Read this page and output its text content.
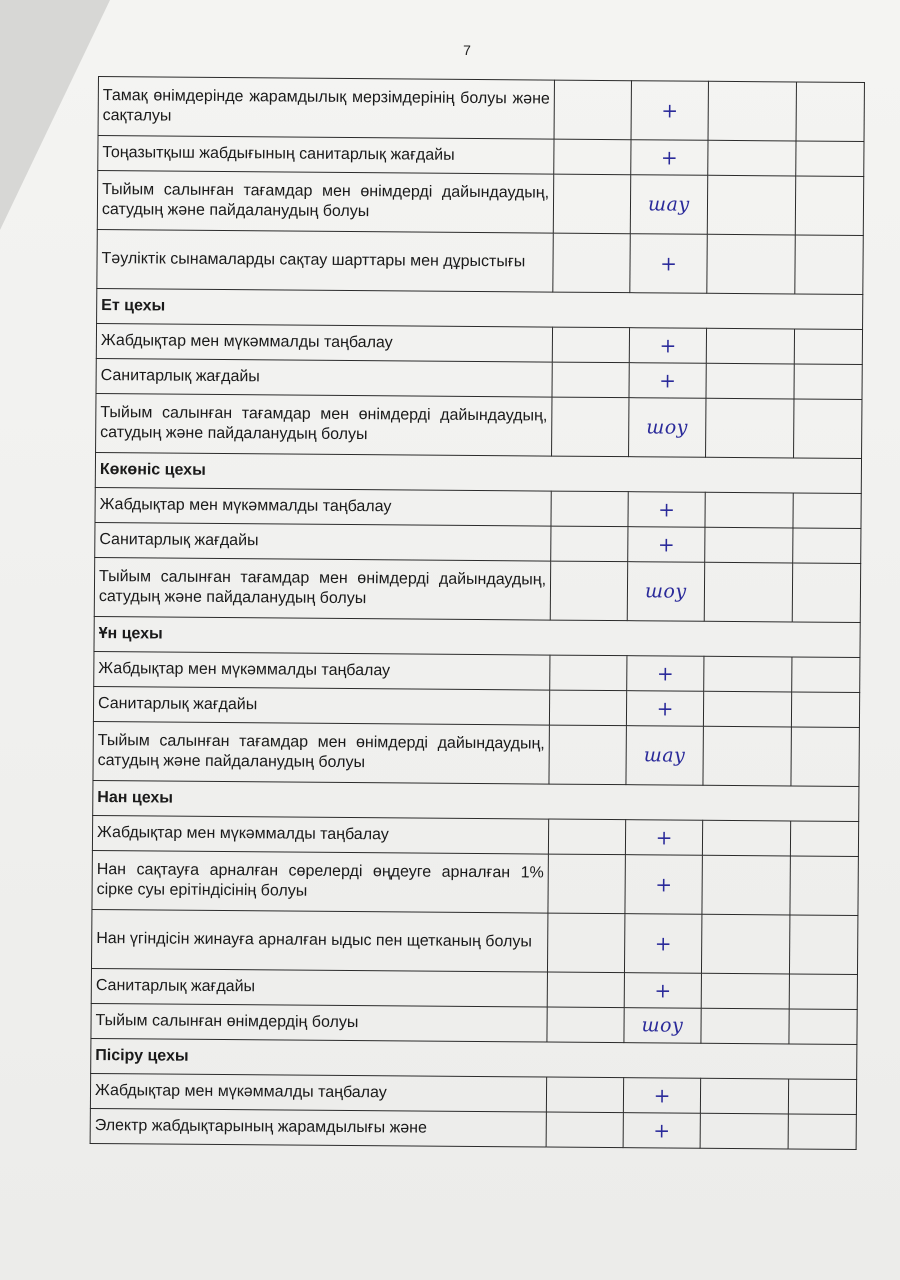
7
Тамақ өнімдерінде жарамдылық мерзімдерінің болуы және сақталуы		+		
Тоңазытқыш жабдығының санитарлық жағдайы		+		
Тыйым салынған тағамдар мен өнімдерді дайындаудың, сатудың және пайдаланудың болуы		шау		
Тәуліктік сынамаларды сақтау шарттары мен дұрыстығы		+		
Ет цехы				
Жабдықтар мен мүкәммалды таңбалау		+		
Санитарлық жағдайы		+		
Тыйым салынған тағамдар мен өнімдерді дайындаудың, сатудың және пайдаланудың болуы		шоу		
Көкөніс цехы				
Жабдықтар мен мүкәммалды таңбалау		+		
Санитарлық жағдайы		+		
Тыйым салынған тағамдар мен өнімдерді дайындаудың, сатудың және пайдаланудың болуы		шоу		
Ұн цехы				
Жабдықтар мен мүкәммалды таңбалау		+		
Санитарлық жағдайы		+		
Тыйым салынған тағамдар мен өнімдерді дайындаудың, сатудың және пайдаланудың болуы		шау		
Нан цехы				
Жабдықтар мен мүкәммалды таңбалау		+		
Нан сақтауға арналған сөрелерді өңдеуге арналған 1% сірке суы ерітіндісінің болуы		+		
Нан үгіндісін жинауға арналған ыдыс пен щетканың болуы		+		
Санитарлық жағдайы		+		
Тыйым салынған өнімдердің болуы		шоу		
Пісіру цехы				
Жабдықтар мен мүкәммалды таңбалау		+		
Электр жабдықтарының жарамдылығы және		+		
